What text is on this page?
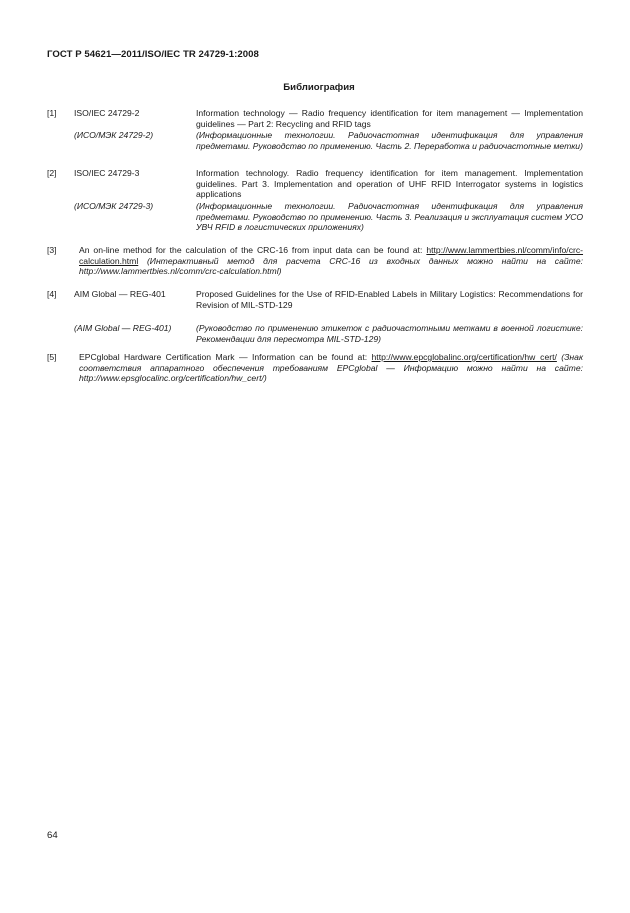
ГОСТ Р 54621—2011/ISO/IEC TR 24729-1:2008
Библиография
[1] ISO/IEC 24729-2	Information technology — Radio frequency identification for item management — Implementation guidelines — Part 2: Recycling and RFID tags
(ИСО/МЭК 24729-2)	(Информационные технологии. Радиочастотная идентификация для управления предметами. Руководство по применению. Часть 2. Переработка и радиочастотные метки)
[2] ISO/IEC 24729-3	Information technology. Radio frequency identification for item management. Implementation guidelines. Part 3. Implementation and operation of UHF RFID Interrogator systems in logistics applications
(ИСО/МЭК 24729-3)	(Информационные технологии. Радиочастотная идентификация для управления предметами. Руководство по применению. Часть 3. Реализация и эксплуатация систем УСО УВЧ RFID в логистических приложениях)
[3]	An on-line method for the calculation of the CRC-16 from input data can be found at: http://www.lammertbies.nl/comm/info/crc-calculation.html (Интерактивный метод для расчета CRC-16 из входных данных можно найти на сайте: http://www.lammertbies.nl/comm/crc-calculation.html)
[4] AIM Global — REG-401	Proposed Guidelines for the Use of RFID-Enabled Labels in Military Logistics: Recommendations for Revision of MIL-STD-129
(AIM Global — REG-401)	(Руководство по применению этикеток с радиочастотными метками в военной логистике: Рекомендации для пересмотра MIL-STD-129)
[5]	EPCglobal Hardware Certification Mark — Information can be found at: http://www.epcglobalinc.org/certification/hw_cert/ (Знак соответствия аппаратного обеспечения требованиям EPCglobal — Информацию можно найти на сайте: http://www.epsglocalinc.org/certification/hw_cert/)
64
